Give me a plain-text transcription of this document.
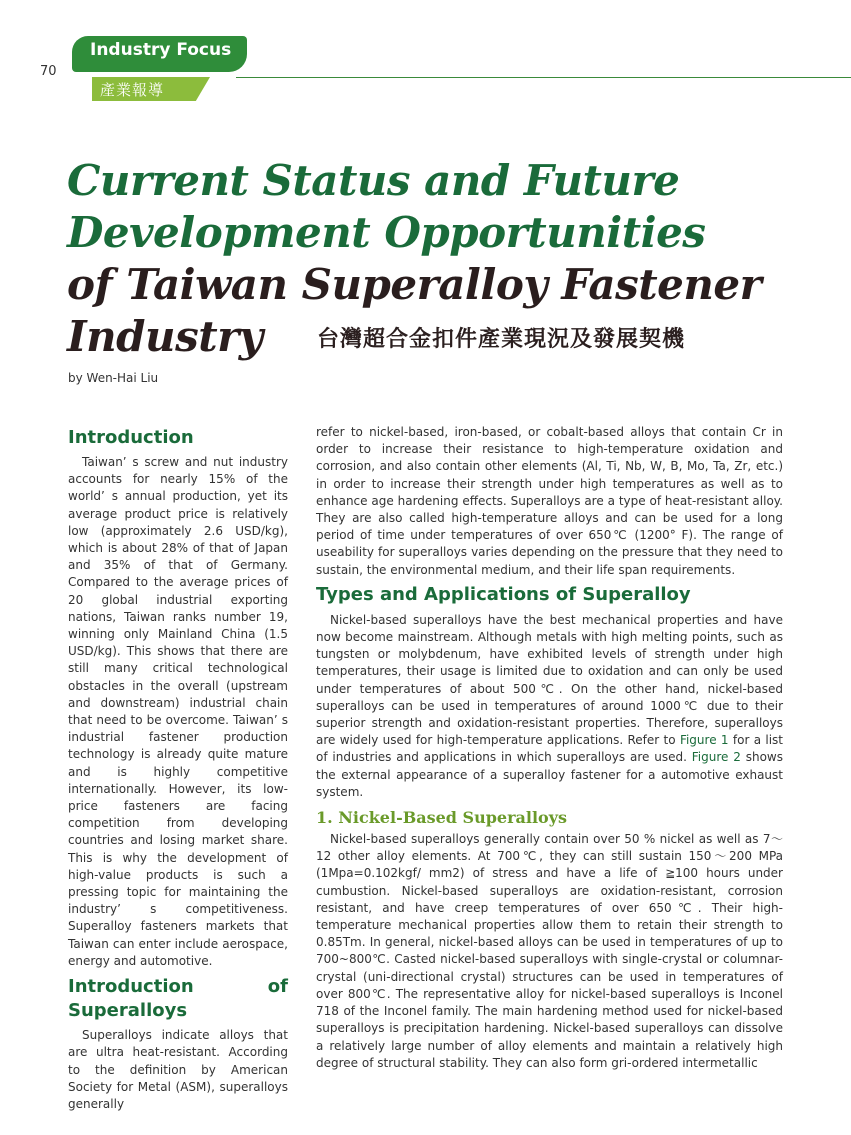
70
Industry Focus
產業報導
Current Status and Future
Development Opportunities
of Taiwan Superalloy Fastener
Industry 台灣超合金扣件產業現況及發展契機
by Wen-Hai Liu
Introduction

Taiwan’ s screw and nut industry accounts for nearly 15% of the world’ s annual production, yet its average product price is relatively low (approximately 2.6 USD/kg), which is about 28% of that of Japan and 35% of that of Germany. Compared to the average prices of 20 global industrial exporting nations, Taiwan ranks number 19, winning only Mainland China (1.5 USD/kg). This shows that there are still many critical technological obstacles in the overall (upstream and downstream) industrial chain that need to be overcome. Taiwan’ s industrial fastener production technology is already quite mature and is highly competitive internationally. However, its low-price fasteners are facing competition from developing countries and losing market share. This is why the development of high-value products is such a pressing topic for maintaining the industry’ s competitiveness. Superalloy fasteners markets that Taiwan can enter include aerospace, energy and automotive.

Introduction of Superalloys

Superalloys indicate alloys that are ultra heat-resistant. According to the definition by American Society for Metal (ASM), superalloys generally

refer to nickel-based, iron-based, or cobalt-based alloys that contain Cr in order to increase their resistance to high-temperature oxidation and corrosion, and also contain other elements (Al, Ti, Nb, W, B, Mo, Ta, Zr, etc.) in order to increase their strength under high temperatures as well as to enhance age hardening effects. Superalloys are a type of heat-resistant alloy. They are also called high-temperature alloys and can be used for a long period of time under temperatures of over 650℃ (1200° F). The range of useability for superalloys varies depending on the pressure that they need to sustain, the environmental medium, and their life span requirements.

Types and Applications of Superalloy

Nickel-based superalloys have the best mechanical properties and have now become mainstream. Although metals with high melting points, such as tungsten or molybdenum, have exhibited levels of strength under high temperatures, their usage is limited due to oxidation and can only be used under temperatures of about 500℃. On the other hand, nickel-based superalloys can be used in temperatures of around 1000℃ due to their superior strength and oxidation-resistant properties. Therefore, superalloys are widely used for high-temperature applications. Refer to Figure 1 for a list of industries and applications in which superalloys are used. Figure 2 shows the external appearance of a superalloy fastener for a automotive exhaust system.

1. Nickel-Based Superalloys

Nickel-based superalloys generally contain over 50 % nickel as well as 7～12 other alloy elements. At 700℃, they can still sustain 150～200 MPa (1Mpa=0.102kgf/ mm2) of stress and have a life of ≧100 hours under cumbustion. Nickel-based superalloys are oxidation-resistant, corrosion resistant, and have creep temperatures of over 650℃. Their high-temperature mechanical properties allow them to retain their strength to 0.85Tm. In general, nickel-based alloys can be used in temperatures of up to 700~800℃. Casted nickel-based superalloys with single-crystal or columnar-crystal (uni-directional crystal) structures can be used in temperatures of over 800℃. The representative alloy for nickel-based superalloys is Inconel 718 of the Inconel family. The main hardening method used for nickel-based superalloys is precipitation hardening. Nickel-based superalloys can dissolve a relatively large number of alloy elements and maintain a relatively high degree of structural stability. They can also form gri-ordered intermetallic
